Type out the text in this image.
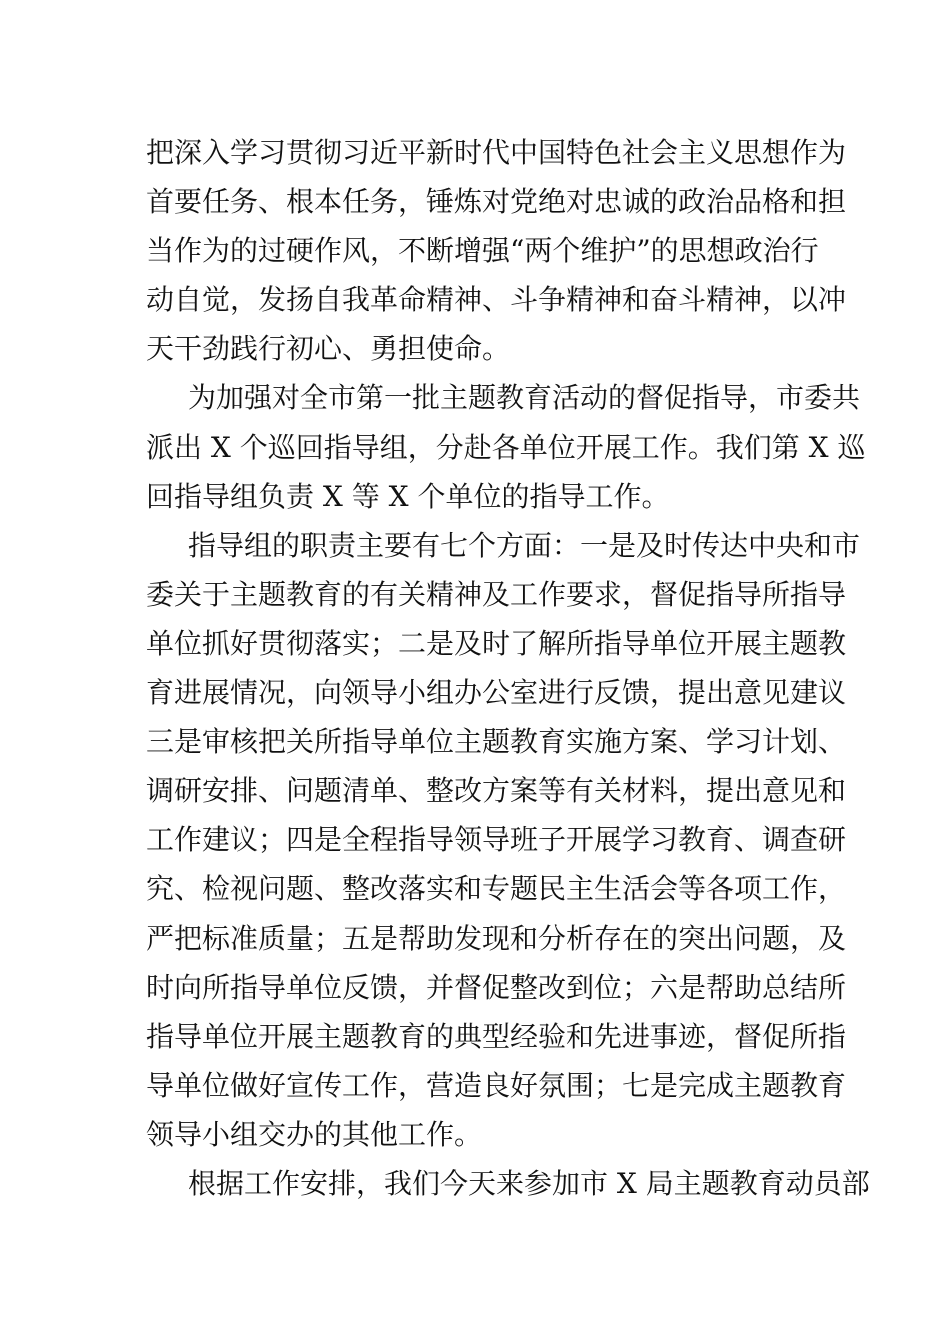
把深入学习贯彻习近平新时代中国特色社会主义思想作为
首要任务、根本任务，锤炼对党绝对忠诚的政治品格和担
当作为的过硬作风，不断增强“两个维护”的思想政治行
动自觉，发扬自我革命精神、斗争精神和奋斗精神，以冲
天干劲践行初心、勇担使命。
为加强对全市第一批主题教育活动的督促指导，市委共
派出 X 个巡回指导组，分赴各单位开展工作。我们第 X 巡
回指导组负责 X 等 X 个单位的指导工作。
指导组的职责主要有七个方面：一是及时传达中央和市
委关于主题教育的有关精神及工作要求，督促指导所指导
单位抓好贯彻落实；二是及时了解所指导单位开展主题教
育进展情况，向领导小组办公室进行反馈，提出意见建议
三是审核把关所指导单位主题教育实施方案、学习计划、
调研安排、问题清单、整改方案等有关材料，提出意见和
工作建议；四是全程指导领导班子开展学习教育、调查研
究、检视问题、整改落实和专题民主生活会等各项工作，
严把标准质量；五是帮助发现和分析存在的突出问题，及
时向所指导单位反馈，并督促整改到位；六是帮助总结所
指导单位开展主题教育的典型经验和先进事迹，督促所指
导单位做好宣传工作，营造良好氛围；七是完成主题教育
领导小组交办的其他工作。
根据工作安排，我们今天来参加市 X 局主题教育动员部
